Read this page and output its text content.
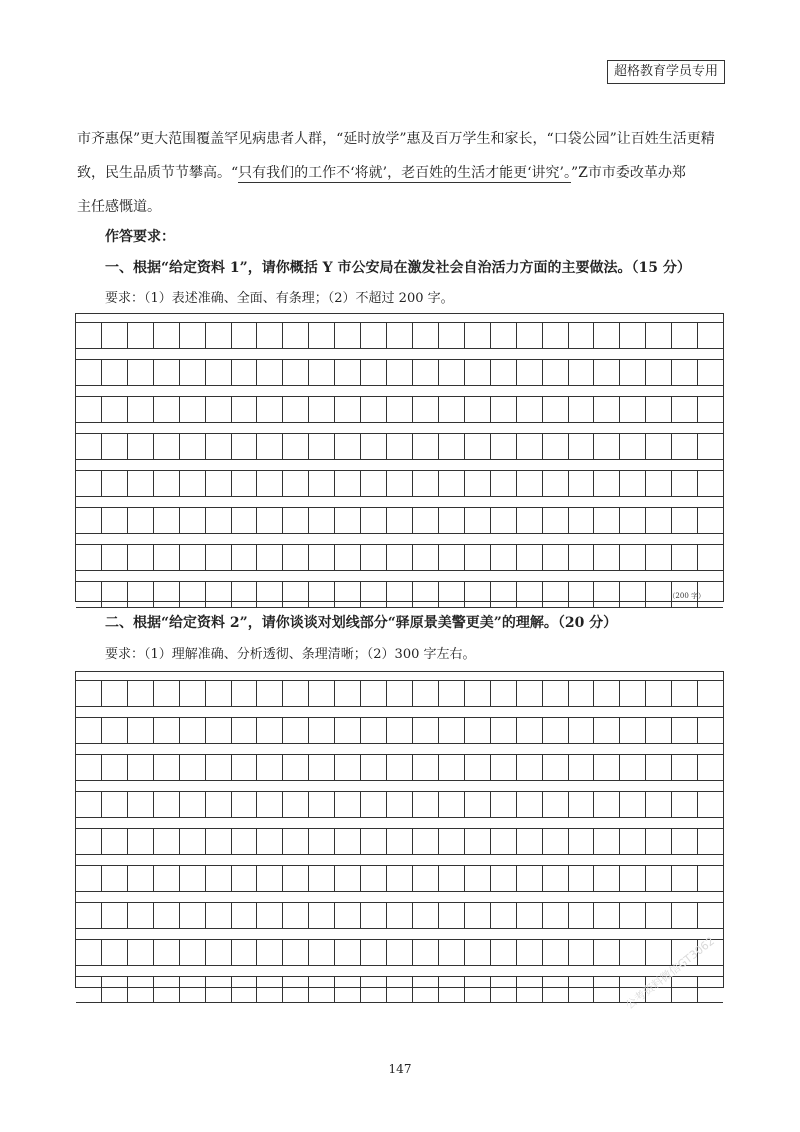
超格教育学员专用
市齐惠保”更大范围覆盖罕见病患者人群，“延时放学”惠及百万学生和家长，“口袋公园”让百姓生活更精
致，民生品质节节攀高。“只有我们的工作不‘将就’，老百姓的生活才能更‘讲究’。”Z市市委改革办郑
主任感慨道。
作答要求：
一、根据“给定资料 1”，请你概括 Y 市公安局在激发社会自治活力方面的主要做法。（15 分）
要求：（1）表述准确、全面、有条理；（2）不超过 200 字。
（200 字）
二、根据“给定资料 2”，请你谈谈对划线部分“驿原景美警更美”的理解。（20 分）
要求：（1）理解准确、分析透彻、条理清晰；（2）300 字左右。
147
公考资料微信GT3062
